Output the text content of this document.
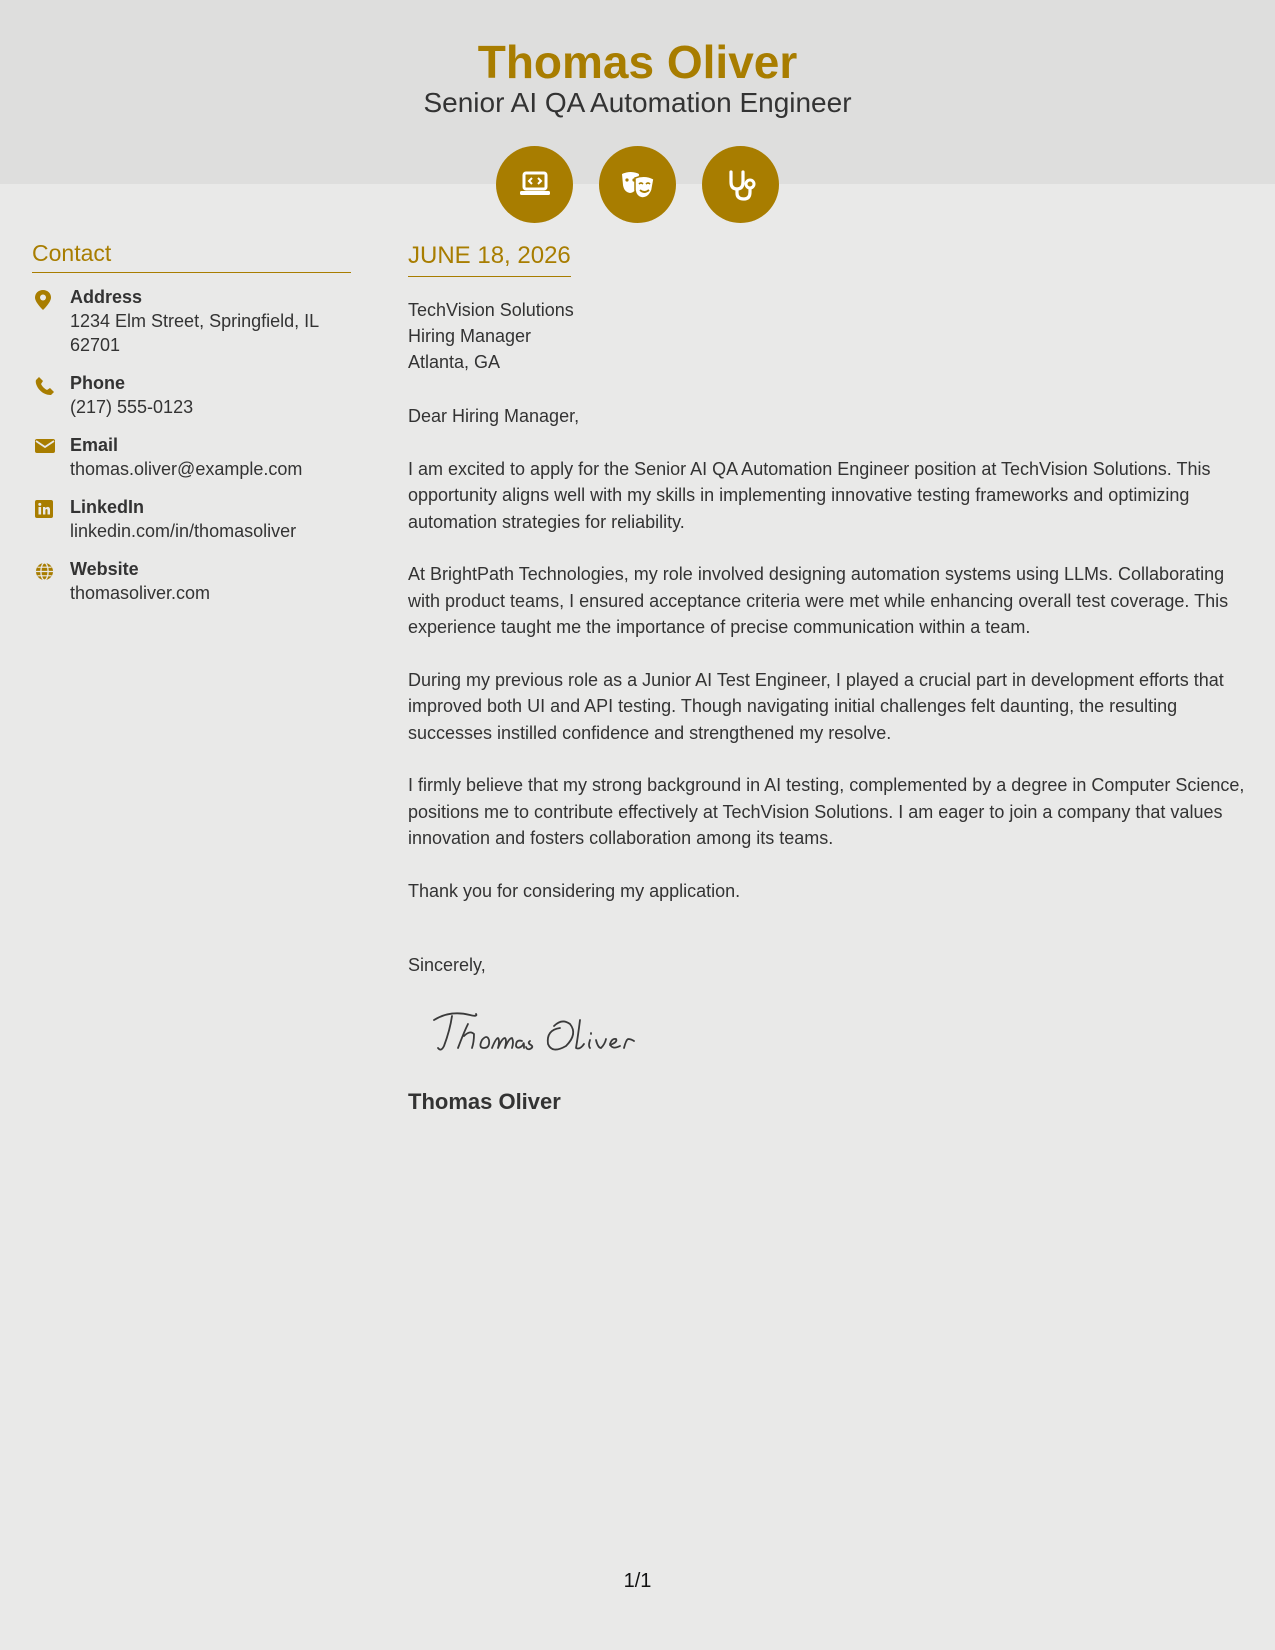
Thomas Oliver
Senior AI QA Automation Engineer
Contact
Address
1234 Elm Street, Springfield, IL 62701
Phone
(217) 555-0123
Email
thomas.oliver@example.com
LinkedIn
linkedin.com/in/thomasoliver
Website
thomasoliver.com
JUNE 18, 2026
TechVision Solutions
Hiring Manager
Atlanta, GA

Dear Hiring Manager,

I am excited to apply for the Senior AI QA Automation Engineer position at TechVision Solutions. This opportunity aligns well with my skills in implementing innovative testing frameworks and optimizing automation strategies for reliability.

At BrightPath Technologies, my role involved designing automation systems using LLMs. Collaborating with product teams, I ensured acceptance criteria were met while enhancing overall test coverage. This experience taught me the importance of precise communication within a team.

During my previous role as a Junior AI Test Engineer, I played a crucial part in development efforts that improved both UI and API testing. Though navigating initial challenges felt daunting, the resulting successes instilled confidence and strengthened my resolve.

I firmly believe that my strong background in AI testing, complemented by a degree in Computer Science, positions me to contribute effectively at TechVision Solutions. I am eager to join a company that values innovation and fosters collaboration among its teams.

Thank you for considering my application.

Sincerely,
Thomas Oliver
1/1
